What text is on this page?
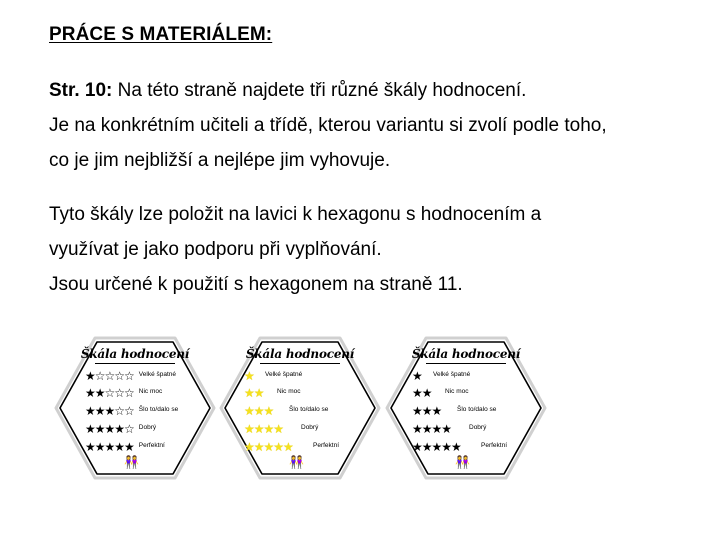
PRÁCE S MATERIÁLEM:

Str. 10: Na této straně najdete tři různé škály hodnocení.
Je na konkrétním učiteli a třídě, kterou variantu si zvolí podle toho,
co je jim nejbližší a nejlépe jim vyhovuje.

Tyto škály lze položit na lavici k hexagonu s hodnocením a
využívat je jako podporu při vyplňování.
Jsou určené k použití s hexagonem na straně 11.

Škála hodnocení
★☆☆☆☆ Velké špatné
★★☆☆☆ Nic moc
★★★☆☆ Šlo to/dalo se
★★★★☆ Dobrý
★★★★★ Perfektní
👭
Škála hodnocení
★	Velké špatné
★★	Nic moc
★★★	Šlo to/dalo se
★★★★	Dobrý
★★★★★	Perfektní
👭
Škála hodnocení
★	Velké špatné
★★	Nic moc
★★★	Šlo to/dalo se
★★★★	Dobrý
★★★★★	Perfektní
👭
